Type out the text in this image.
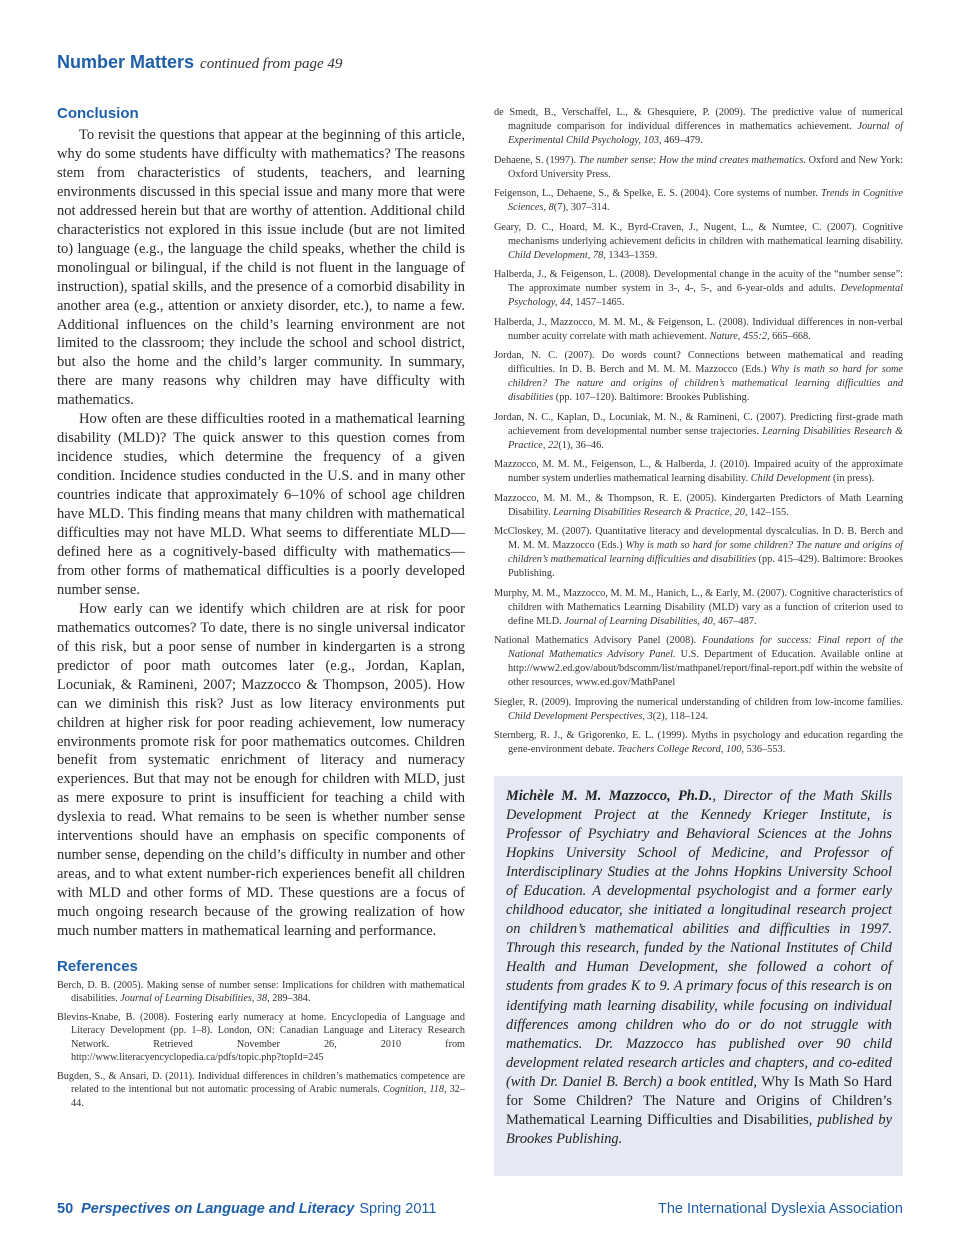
Number Matters continued from page 49
Conclusion

To revisit the questions that appear at the beginning of this article, why do some students have difficulty with mathematics? The reasons stem from characteristics of students, teachers, and learning environments discussed in this special issue and many more that were not addressed herein but that are worthy of attention. Additional child characteristics not explored in this issue include (but are not limited to) language (e.g., the language the child speaks, whether the child is monolingual or bilingual, if the child is not fluent in the language of instruction), spatial skills, and the presence of a comorbid disability in another area (e.g., attention or anxiety disorder, etc.), to name a few. Additional influences on the child’s learning environment are not limited to the classroom; they include the school and school district, but also the home and the child’s larger community. In summary, there are many reasons why children may have difficulty with mathematics.

How often are these difficulties rooted in a mathematical learning disability (MLD)? The quick answer to this question comes from incidence studies, which determine the frequency of a given condition. Incidence studies conducted in the U.S. and in many other countries indicate that approximately 6–10% of school age children have MLD. This finding means that many children with mathematical difficulties may not have MLD. What seems to differentiate MLD—defined here as a cognitively-based difficulty with mathematics—from other forms of mathematical difficulties is a poorly developed number sense.

How early can we identify which children are at risk for poor mathematics outcomes? To date, there is no single universal indicator of this risk, but a poor sense of number in kindergarten is a strong predictor of poor math outcomes later (e.g., Jordan, Kaplan, Locuniak, & Ramineni, 2007; Mazzocco & Thompson, 2005). How can we diminish this risk? Just as low literacy environments put children at higher risk for poor reading achievement, low numeracy environments promote risk for poor mathematics outcomes. Children benefit from systematic enrichment of literacy and numeracy experiences. But that may not be enough for children with MLD, just as mere exposure to print is insufficient for teaching a child with dyslexia to read. What remains to be seen is whether number sense interventions should have an emphasis on specific components of number sense, depending on the child’s difficulty in number and other areas, and to what extent number-rich experiences benefit all children with MLD and other forms of MD. These questions are a focus of much ongoing research because of the growing realization of how much number matters in mathematical learning and performance.

References

Berch, D. B. (2005). Making sense of number sense: Implications for children with mathematical disabilities. Journal of Learning Disabilities, 38, 289–384.

Blevins-Knabe, B. (2008). Fostering early numeracy at home. Encyclopedia of Language and Literacy Development (pp. 1–8). London, ON: Canadian Language and Literacy Research Network. Retrieved November 26, 2010 from http://www.literacyencyclopedia.ca/pdfs/topic.php?topId=245

Bugden, S., & Ansari, D. (2011). Individual differences in children’s mathematics competence are related to the intentional but not automatic processing of Arabic numerals. Cognition, 118, 32–44.

de Smedt, B., Verschaffel, L., & Ghesquiere, P. (2009). The predictive value of numerical magnitude comparison for individual differences in mathematics achievement. Journal of Experimental Child Psychology, 103, 469–479.

Dehaene, S. (1997). The number sense: How the mind creates mathematics. Oxford and New York: Oxford University Press.

Feigenson, L., Dehaene, S., & Spelke, E. S. (2004). Core systems of number. Trends in Cognitive Sciences, 8(7), 307–314.

Geary, D. C., Hoard, M. K., Byrd-Craven, J., Nugent, L., & Numtee, C. (2007). Cognitive mechanisms underlying achievement deficits in children with mathematical learning disability. Child Development, 78, 1343–1359.

Halberda, J., & Feigenson, L. (2008). Developmental change in the acuity of the “number sense”: The approximate number system in 3-, 4-, 5-, and 6-year-olds and adults. Developmental Psychology, 44, 1457–1465.

Halberda, J., Mazzocco, M. M. M., & Feigenson, L. (2008). Individual differences in non-verbal number acuity correlate with math achievement. Nature, 455:2, 665–668.

Jordan, N. C. (2007). Do words count? Connections between mathematical and reading difficulties. In D. B. Berch and M. M. M. Mazzocco (Eds.) Why is math so hard for some children? The nature and origins of children’s mathematical learning difficulties and disabilities (pp. 107–120). Baltimore: Brookes Publishing.

Jordan, N. C., Kaplan, D., Locuniak, M. N., & Ramineni, C. (2007). Predicting first-grade math achievement from developmental number sense trajectories. Learning Disabilities Research & Practice, 22(1), 36–46.

Mazzocco, M. M. M., Feigenson, L., & Halberda, J. (2010). Impaired acuity of the approximate number system underlies mathematical learning disability. Child Development (in press).

Mazzocco, M. M. M., & Thompson, R. E. (2005). Kindergarten Predictors of Math Learning Disability. Learning Disabilities Research & Practice, 20, 142–155.

McCloskey, M. (2007). Quantitative literacy and developmental dyscalculias. In D. B. Berch and M. M. M. Mazzocco (Eds.) Why is math so hard for some children? The nature and origins of children’s mathematical learning difficulties and disabilities (pp. 415–429). Baltimore: Brookes Publishing.

Murphy, M. M., Mazzocco, M. M. M., Hanich, L., & Early, M. (2007). Cognitive characteristics of children with Mathematics Learning Disability (MLD) vary as a function of criterion used to define MLD. Journal of Learning Disabilities, 40, 467–487.

National Mathematics Advisory Panel (2008). Foundations for success: Final report of the National Mathematics Advisory Panel. U.S. Department of Education. Available online at http://www2.ed.gov/about/bdscomm/list/mathpanel/report/final-report.pdf within the website of other resources, www.ed.gov/MathPanel

Siegler, R. (2009). Improving the numerical understanding of children from low-income families. Child Development Perspectives, 3(2), 118–124.

Sternberg, R. J., & Grigorenko, E. L. (1999). Myths in psychology and education regarding the gene-environment debate. Teachers College Record, 100, 536–553.

Michèle M. M. Mazzocco, Ph.D., Director of the Math Skills Development Project at the Kennedy Krieger Institute, is Professor of Psychiatry and Behavioral Sciences at the Johns Hopkins University School of Medicine, and Professor of Interdisciplinary Studies at the Johns Hopkins University School of Education. A developmental psychologist and a former early childhood educator, she initiated a longitudinal research project on children’s mathematical abilities and difficulties in 1997. Through this research, funded by the National Institutes of Child Health and Human Development, she followed a cohort of students from grades K to 9. A primary focus of this research is on identifying math learning disability, while focusing on individual differences among children who do or do not struggle with mathematics. Dr. Mazzocco has published over 90 child development related research articles and chapters, and co-edited (with Dr. Daniel B. Berch) a book entitled, Why Is Math So Hard for Some Children? The Nature and Origins of Children’s Mathematical Learning Difficulties and Disabilities, published by Brookes Publishing.

50 Perspectives on Language and Literacy Spring 2011	The International Dyslexia Association
